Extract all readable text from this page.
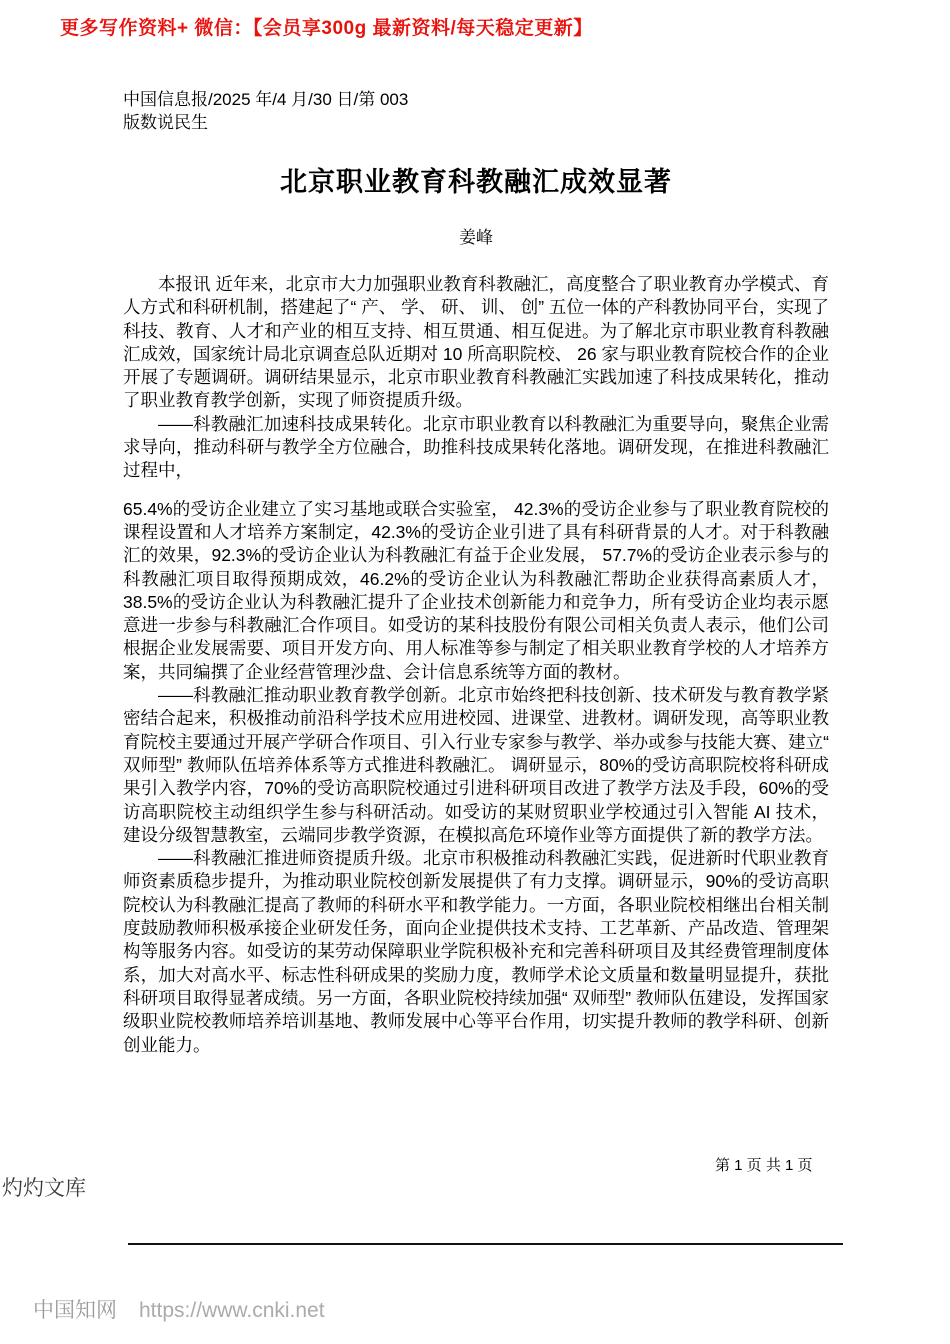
更多写作资料+ 微信：【会员享300g 最新资料/每天稳定更新】
中国信息报/2025 年/4 月/30 日/第 003
版数说民生
北京职业教育科教融汇成效显著
姜峰

本报讯 近年来，北京市大力加强职业教育科教融汇，高度整合了职业教育办学模式、育人方式和科研机制，搭建起了“ 产、 学、 研、 训、 创” 五位一体的产科教协同平台，实现了科技、教育、人才和产业的相互支持、相互贯通、相互促进。为了解北京市职业教育科教融汇成效，国家统计局北京调查总队近期对 10 所高职院校、 26 家与职业教育院校合作的企业开展了专题调研。调研结果显示，北京市职业教育科教融汇实践加速了科技成果转化，推动了职业教育教学创新，实现了师资提质升级。

——科教融汇加速科技成果转化。北京市职业教育以科教融汇为重要导向，聚焦企业需求导向，推动科研与教学全方位融合，助推科技成果转化落地。调研发现，在推进科教融汇过程中，

65.4%的受访企业建立了实习基地或联合实验室， 42.3%的受访企业参与了职业教育院校的课程设置和人才培养方案制定，42.3%的受访企业引进了具有科研背景的人才。对于科教融汇的效果，92.3%的受访企业认为科教融汇有益于企业发展， 57.7%的受访企业表示参与的科教融汇项目取得预期成效，46.2%的受访企业认为科教融汇帮助企业获得高素质人才，38.5%的受访企业认为科教融汇提升了企业技术创新能力和竞争力，所有受访企业均表示愿意进一步参与科教融汇合作项目。如受访的某科技股份有限公司相关负责人表示，他们公司根据企业发展需要、项目开发方向、用人标准等参与制定了相关职业教育学校的人才培养方案，共同编撰了企业经营管理沙盘、会计信息系统等方面的教材。

——科教融汇推动职业教育教学创新。北京市始终把科技创新、技术研发与教育教学紧密结合起来，积极推动前沿科学技术应用进校园、进课堂、进教材。调研发现，高等职业教育院校主要通过开展产学研合作项目、引入行业专家参与教学、举办或参与技能大赛、建立“ 双师型” 教师队伍培养体系等方式推进科教融汇。 调研显示，80%的受访高职院校将科研成果引入教学内容，70%的受访高职院校通过引进科研项目改进了教学方法及手段，60%的受访高职院校主动组织学生参与科研活动。如受访的某财贸职业学校通过引入智能 AI 技术，建设分级智慧教室，云端同步教学资源，在模拟高危环境作业等方面提供了新的教学方法。

——科教融汇推进师资提质升级。北京市积极推动科教融汇实践，促进新时代职业教育师资素质稳步提升，为推动职业院校创新发展提供了有力支撑。调研显示，90%的受访高职院校认为科教融汇提高了教师的科研水平和教学能力。一方面，各职业院校相继出台相关制度鼓励教师积极承接企业研发任务，面向企业提供技术支持、工艺革新、产品改造、管理架构等服务内容。如受访的某劳动保障职业学院积极补充和完善科研项目及其经费管理制度体系，加大对高水平、标志性科研成果的奖励力度，教师学术论文质量和数量明显提升，获批科研项目取得显著成绩。另一方面，各职业院校持续加强“ 双师型” 教师队伍建设，发挥国家级职业院校教师培养培训基地、教师发展中心等平台作用，切实提升教师的教学科研、创新创业能力。

第 1 页 共 1 页
灼灼文库
中国知网 https://www.cnki.net
